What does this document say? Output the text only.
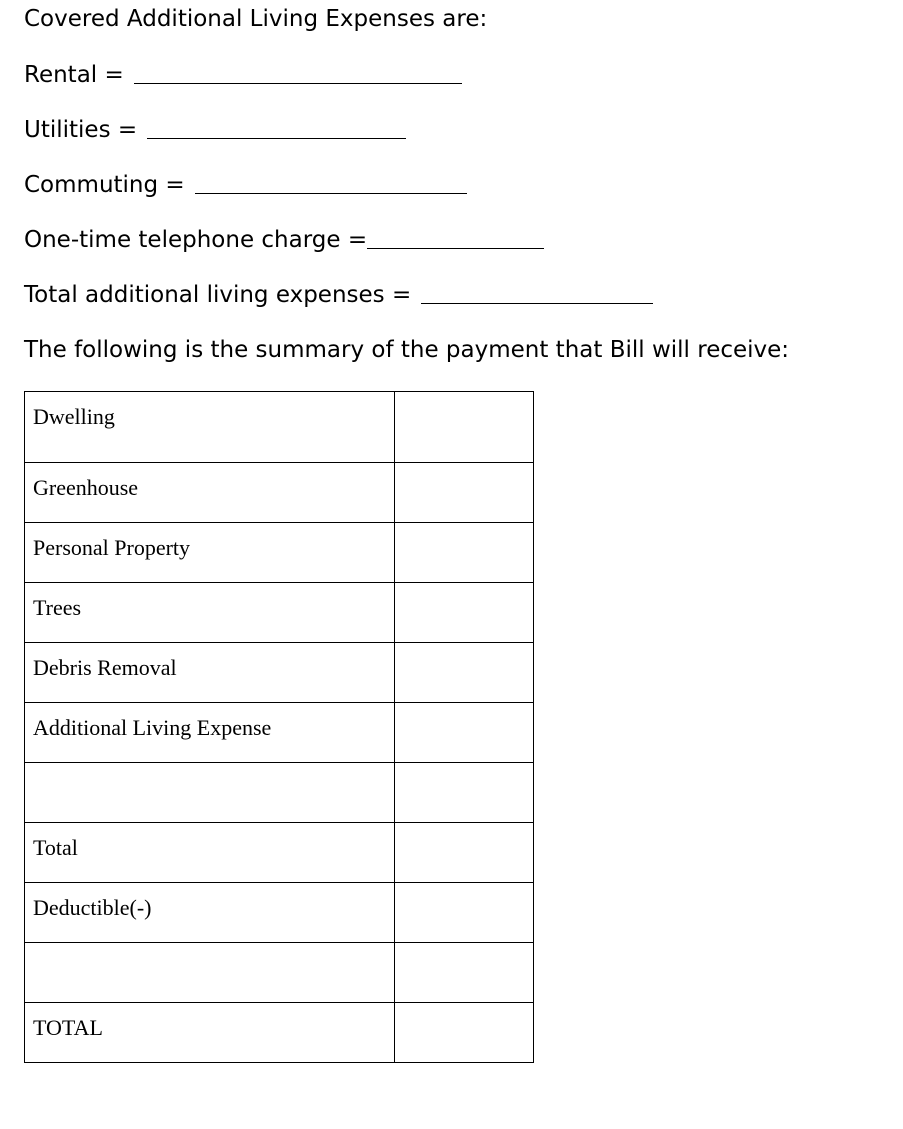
Covered Additional Living Expenses are:
Rental =
Utilities =
Commuting =
One-time telephone charge =
Total additional living expenses =
The following is the summary of the payment that Bill will receive:
Dwelling	
Greenhouse	
Personal Property	
Trees	
Debris Removal	
Additional Living Expense	

Total	
Deductible(-)	

TOTAL	
